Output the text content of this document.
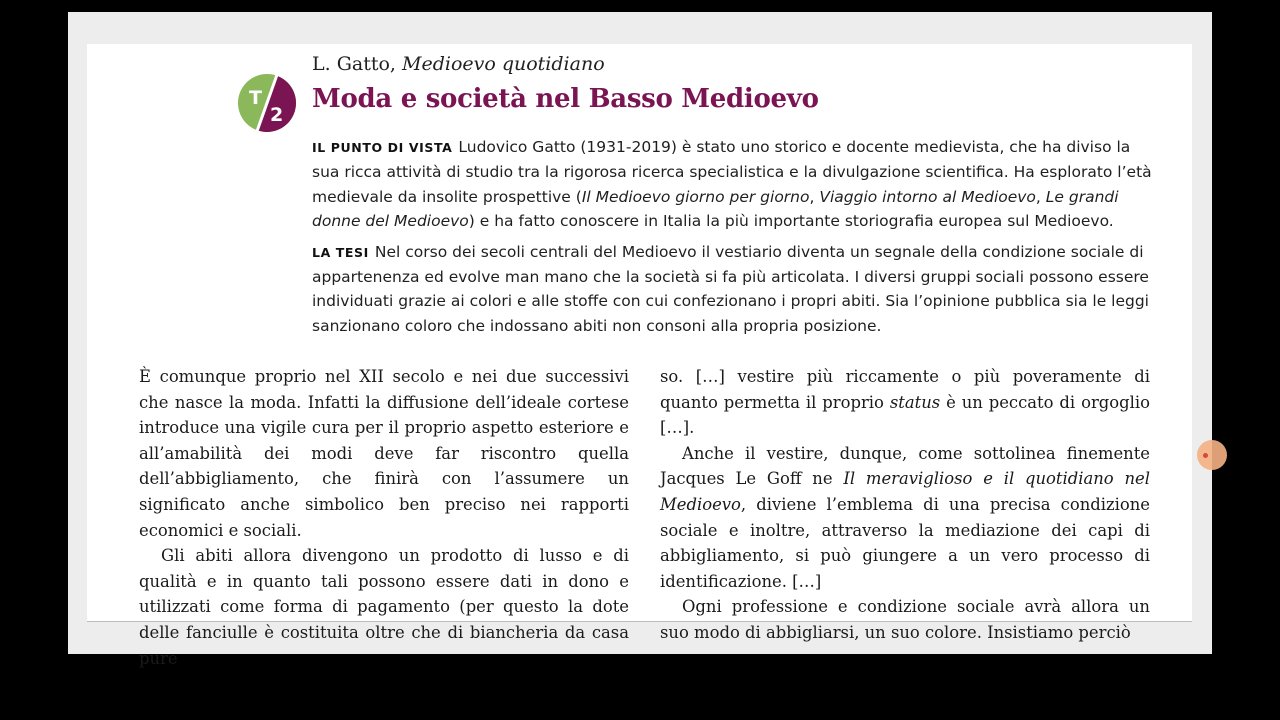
T
2
L. Gatto, Medioevo quotidiano
Moda e società nel Basso Medioevo

IL PUNTO DI VISTA Ludovico Gatto (1931-2019) è stato uno storico e docente medievista, che ha diviso la sua ricca attività di studio tra la rigorosa ricerca specialistica e la divulgazione scientifica. Ha esplorato l’età medievale da insolite prospettive (Il Medioevo giorno per giorno, Viaggio intorno al Medioevo, Le grandi donne del Medioevo) e ha fatto conoscere in Italia la più importante storiografia europea sul Medioevo.

LA TESI Nel corso dei secoli centrali del Medioevo il vestiario diventa un segnale della condizione sociale di appartenenza ed evolve man mano che la società si fa più articolata. I diversi gruppi sociali possono essere individuati grazie ai colori e alle stoffe con cui confezionano i propri abiti. Sia l’opinione pubblica sia le leggi sanzionano coloro che indossano abiti non consoni alla propria posizione.

È comunque proprio nel XII secolo e nei due successivi che nasce la moda. Infatti la diffusione dell’ideale cortese introduce una vigile cura per il proprio aspetto esteriore e all’amabilità dei modi deve far riscontro quella dell’abbigliamento, che finirà con l’assumere un significato anche simbolico ben preciso nei rapporti economici e sociali.

Gli abiti allora divengono un prodotto di lusso e di qualità e in quanto tali possono essere dati in dono e utilizzati come forma di pagamento (per questo la dote delle fanciulle è costituita oltre che di biancheria da casa pure

so. […] vestire più riccamente o più poveramente di quanto permetta il proprio status è un peccato di orgoglio […].

Anche il vestire, dunque, come sottolinea finemente Jacques Le Goff ne Il meraviglioso e il quotidiano nel Medioevo, diviene l’emblema di una precisa condizione sociale e inoltre, attraverso la mediazione dei capi di abbigliamento, si può giungere a un vero processo di identificazione. […]

Ogni professione e condizione sociale avrà allora un suo modo di abbigliarsi, un suo colore. Insistiamo perciò
